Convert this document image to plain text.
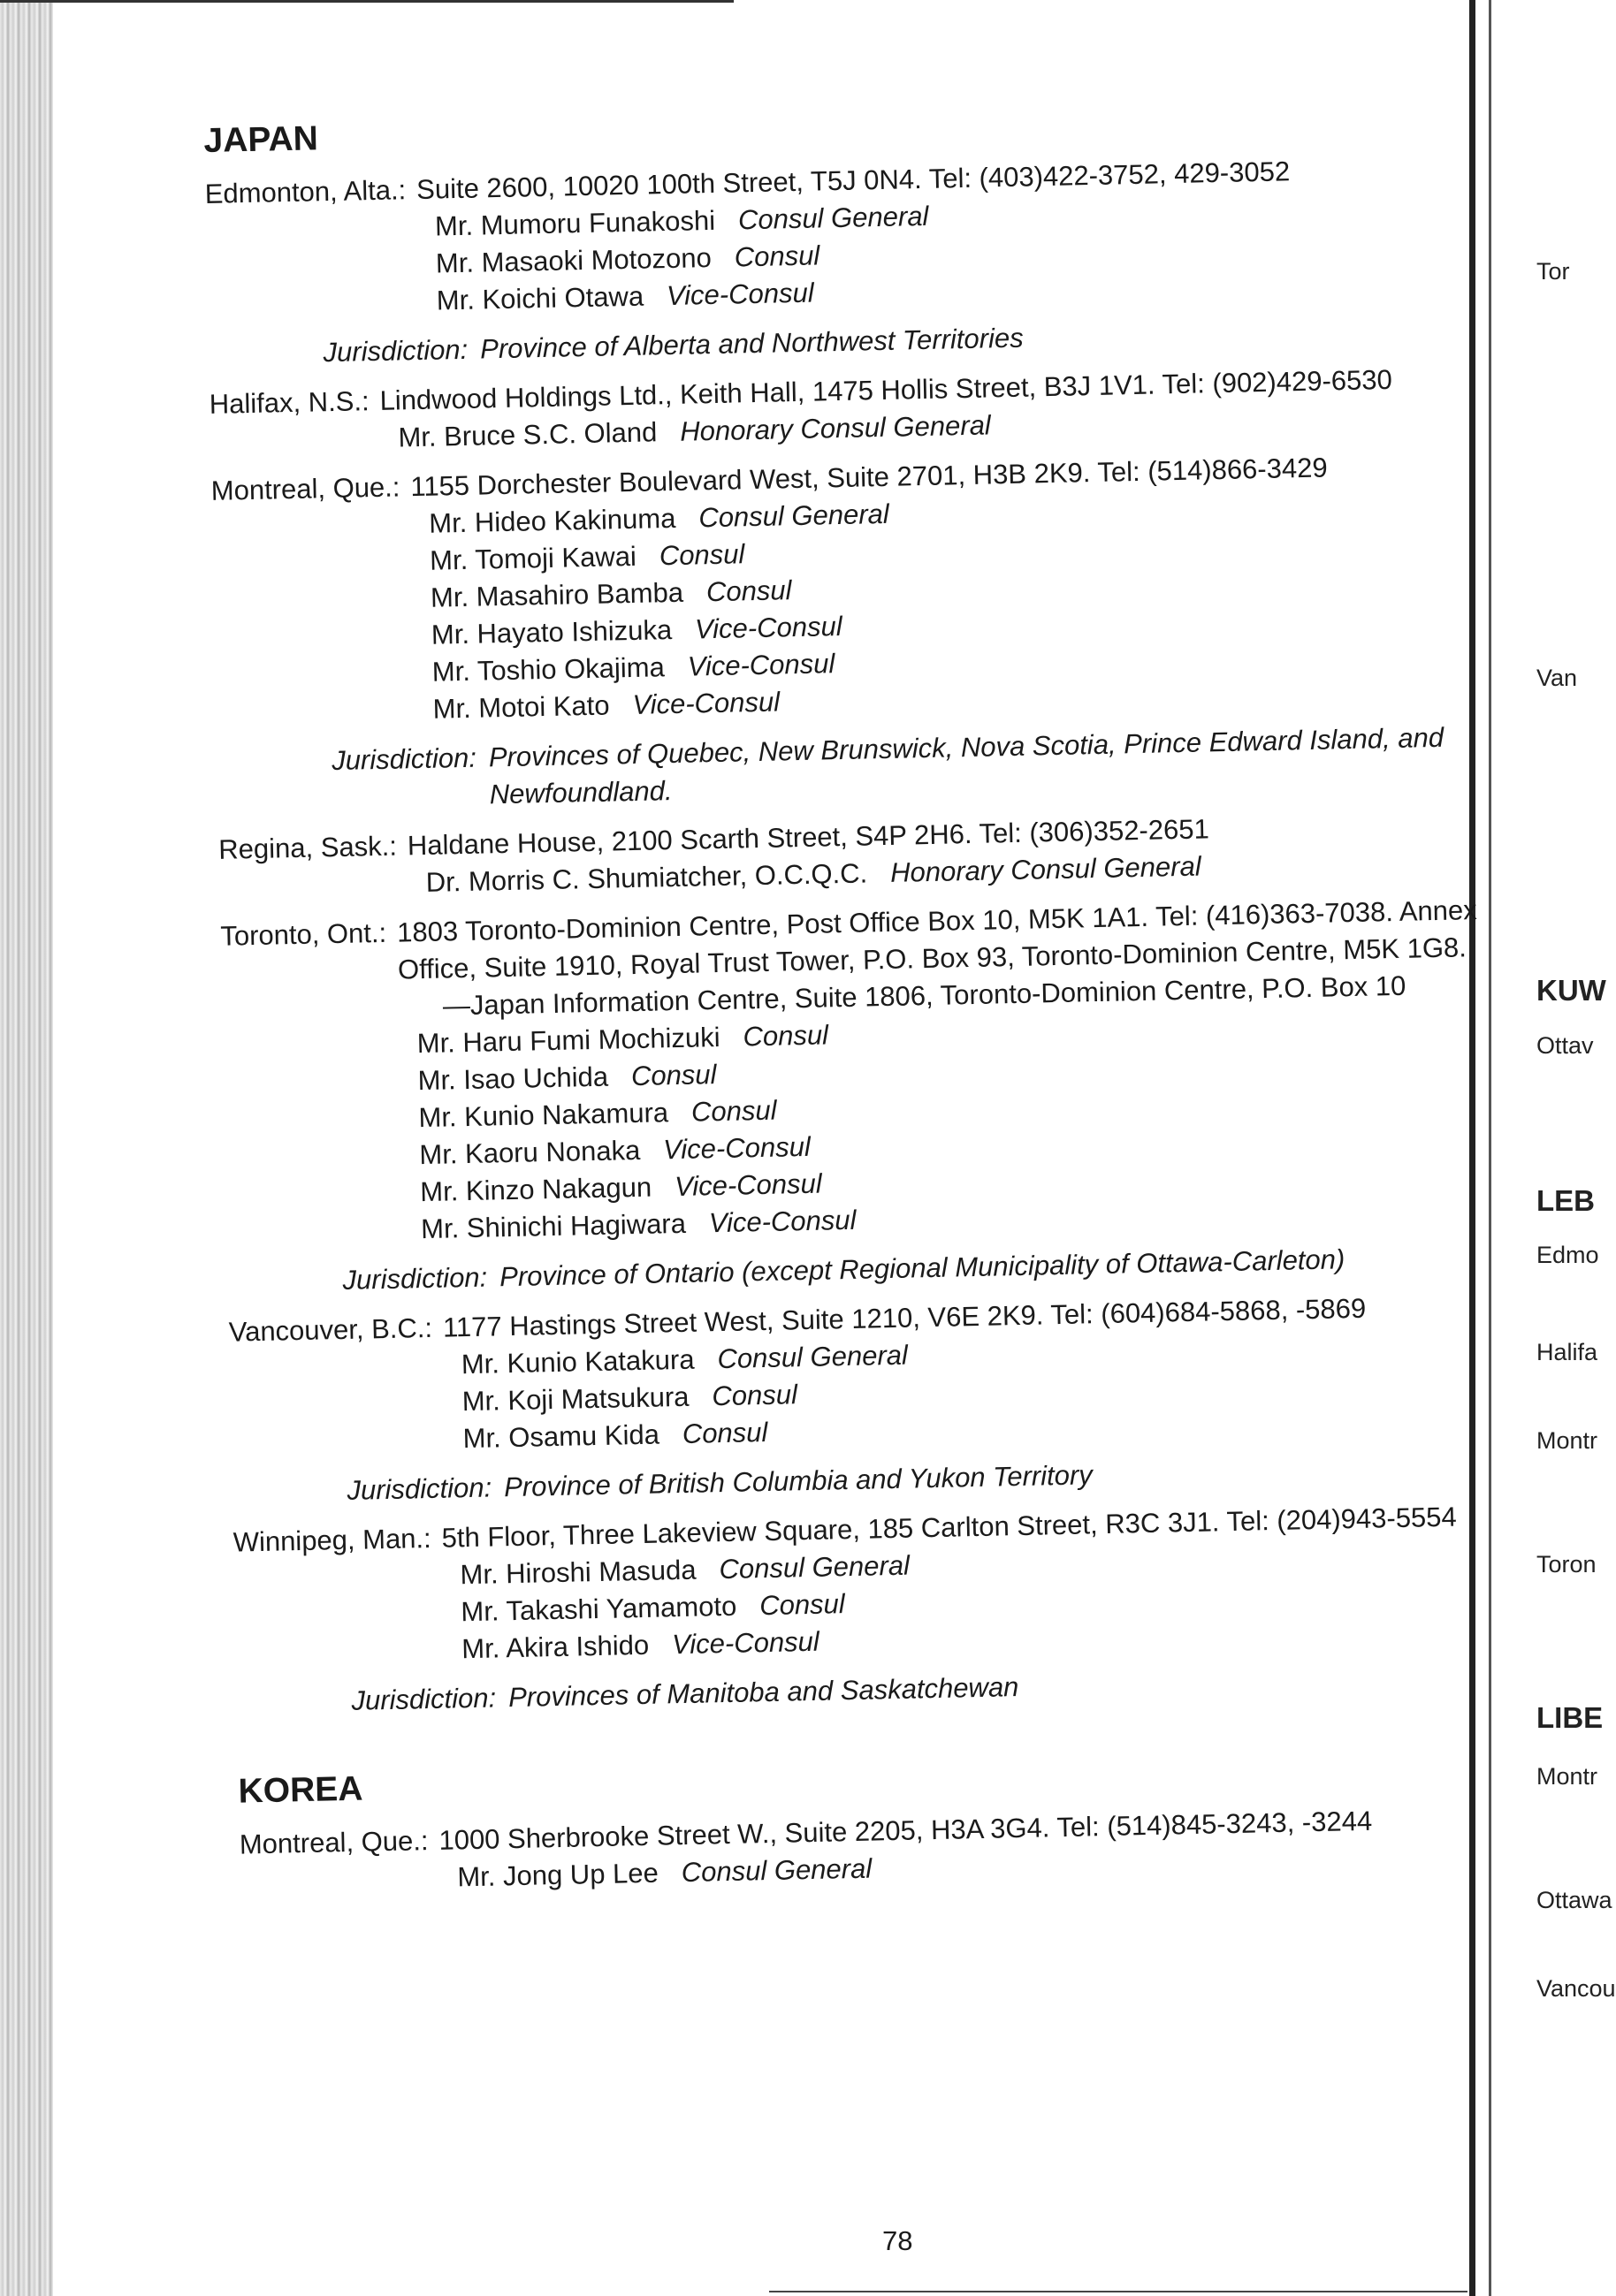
JAPAN
Edmonton, Alta.: Suite 2600, 10020 100th Street, T5J 0N4. Tel: (403)422-3752, 429-3052
Mr. Mumoru Funakoshi Consul General
Mr. Masaoki Motozono Consul
Mr. Koichi Otawa Vice-Consul
Jurisdiction: Province of Alberta and Northwest Territories
Halifax, N.S.: Lindwood Holdings Ltd., Keith Hall, 1475 Hollis Street, B3J 1V1. Tel: (902)429-6530
Mr. Bruce S.C. Oland Honorary Consul General
Montreal, Que.: 1155 Dorchester Boulevard West, Suite 2701, H3B 2K9. Tel: (514)866-3429
Mr. Hideo Kakinuma Consul General
Mr. Tomoji Kawai Consul
Mr. Masahiro Bamba Consul
Mr. Hayato Ishizuka Vice-Consul
Mr. Toshio Okajima Vice-Consul
Mr. Motoi Kato Vice-Consul
Jurisdiction: Provinces of Quebec, New Brunswick, Nova Scotia, Prince Edward Island, and Newfoundland.
Regina, Sask.: Haldane House, 2100 Scarth Street, S4P 2H6. Tel: (306)352-2651
Dr. Morris C. Shumiatcher, O.C.Q.C. Honorary Consul General
Toronto, Ont.: 1803 Toronto-Dominion Centre, Post Office Box 10, M5K 1A1. Tel: (416)363-7038. Annex Office, Suite 1910, Royal Trust Tower, P.O. Box 93, Toronto-Dominion Centre, M5K 1G8.
—Japan Information Centre, Suite 1806, Toronto-Dominion Centre, P.O. Box 10
Mr. Haru Fumi Mochizuki Consul
Mr. Isao Uchida Consul
Mr. Kunio Nakamura Consul
Mr. Kaoru Nonaka Vice-Consul
Mr. Kinzo Nakagun Vice-Consul
Mr. Shinichi Hagiwara Vice-Consul
Jurisdiction: Province of Ontario (except Regional Municipality of Ottawa-Carleton)
Vancouver, B.C.: 1177 Hastings Street West, Suite 1210, V6E 2K9. Tel: (604)684-5868, -5869
Mr. Kunio Katakura Consul General
Mr. Koji Matsukura Consul
Mr. Osamu Kida Consul
Jurisdiction: Province of British Columbia and Yukon Territory
Winnipeg, Man.: 5th Floor, Three Lakeview Square, 185 Carlton Street, R3C 3J1. Tel: (204)943-5554
Mr. Hiroshi Masuda Consul General
Mr. Takashi Yamamoto Consul
Mr. Akira Ishido Vice-Consul
Jurisdiction: Provinces of Manitoba and Saskatchewan
KOREA
Montreal, Que.: 1000 Sherbrooke Street W., Suite 2205, H3A 3G4. Tel: (514)845-3243, -3244
Mr. Jong Up Lee Consul General
78
Tor
Van
KUW
Ottav
LEB
Edmo
Halifa
Montr
Toron
LIBE
Montr
Ottawa
Vancou
